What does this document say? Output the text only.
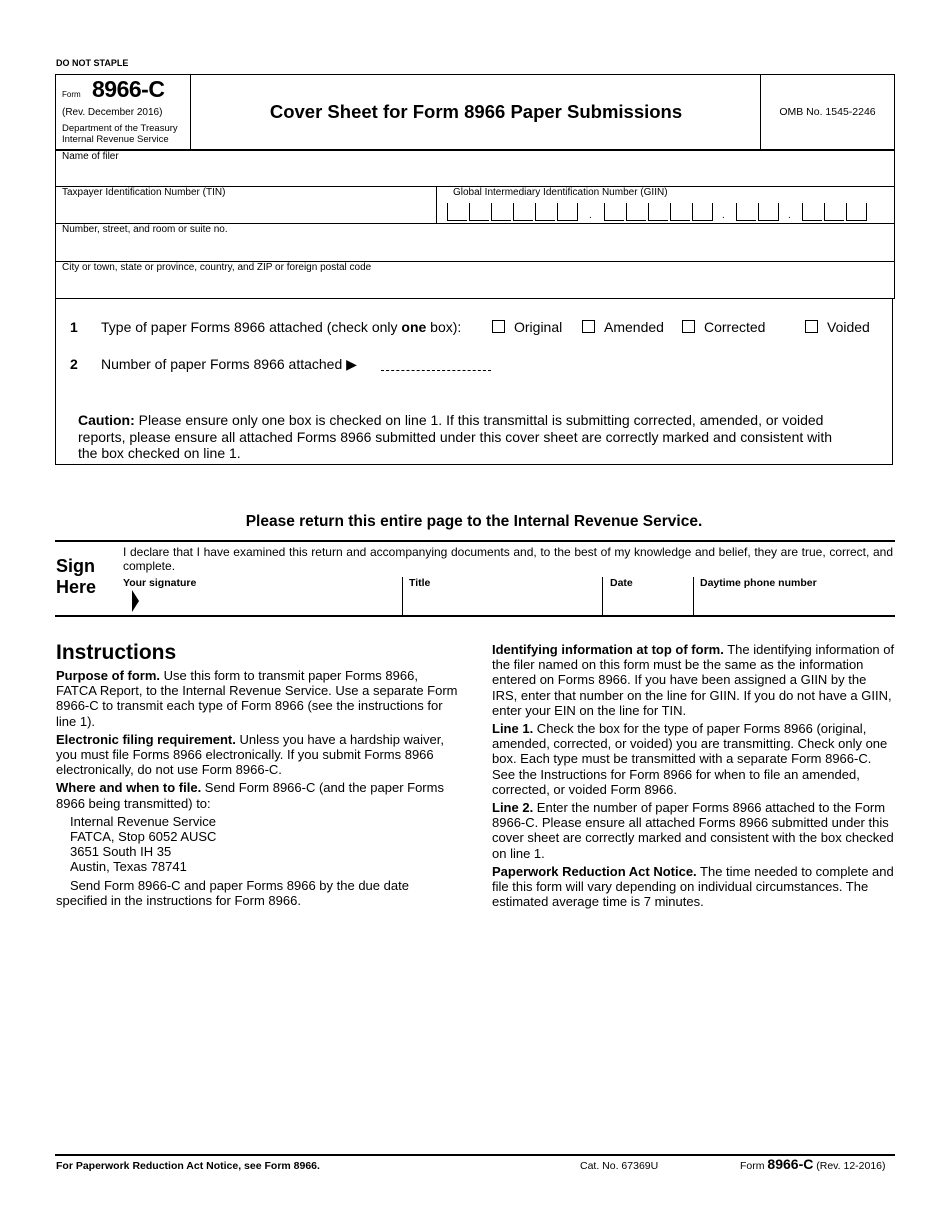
DO NOT STAPLE
Form 8966-C
(Rev. December 2016)
Department of the Treasury
Internal Revenue Service
Cover Sheet for Form 8966 Paper Submissions	OMB No. 1545-2246
Name of filer
Taxpayer Identification Number (TIN)	Global Intermediary Identification Number (GIIN)
.	.	.
Number, street, and room or suite no.
City or town, state or province, country, and ZIP or foreign postal code
1 Type of paper Forms 8966 attached (check only one box):	Original	Amended	Corrected	Voided
2 Number of paper Forms 8966 attached ▶
Caution: Please ensure only one box is checked on line 1. If this transmittal is submitting corrected, amended, or voided reports, please ensure all attached Forms 8966 submitted under this cover sheet are correctly marked and consistent with the box checked on line 1.
Please return this entire page to the Internal Revenue Service.
Sign
Here
I declare that I have examined this return and accompanying documents and, to the best of my knowledge and belief, they are true, correct, and complete.
Your signature	Title	Date	Daytime phone number
Instructions

Purpose of form. Use this form to transmit paper Forms 8966, FATCA Report, to the Internal Revenue Service. Use a separate Form 8966-C to transmit each type of Form 8966 (see the instructions for line 1).

Electronic filing requirement. Unless you have a hardship waiver, you must file Forms 8966 electronically. If you submit Forms 8966 electronically, do not use Form 8966-C.

Where and when to file. Send Form 8966-C (and the paper Forms 8966 being transmitted) to:

Internal Revenue Service
FATCA, Stop 6052 AUSC
3651 South IH 35
Austin, Texas 78741

Send Form 8966-C and paper Forms 8966 by the due date specified in the instructions for Form 8966.

Identifying information at top of form. The identifying information of the filer named on this form must be the same as the information entered on Forms 8966. If you have been assigned a GIIN by the IRS, enter that number on the line for GIIN. If you do not have a GIIN, enter your EIN on the line for TIN.

Line 1. Check the box for the type of paper Forms 8966 (original, amended, corrected, or voided) you are transmitting. Check only one box. Each type must be transmitted with a separate Form 8966-C. See the Instructions for Form 8966 for when to file an amended, corrected, or voided Form 8966.

Line 2. Enter the number of paper Forms 8966 attached to the Form 8966-C. Please ensure all attached Forms 8966 submitted under this cover sheet are correctly marked and consistent with the box checked on line 1.

Paperwork Reduction Act Notice. The time needed to complete and file this form will vary depending on individual circumstances. The estimated average time is 7 minutes.

For Paperwork Reduction Act Notice, see Form 8966.	Cat. No. 67369U	Form 8966-C (Rev. 12-2016)
